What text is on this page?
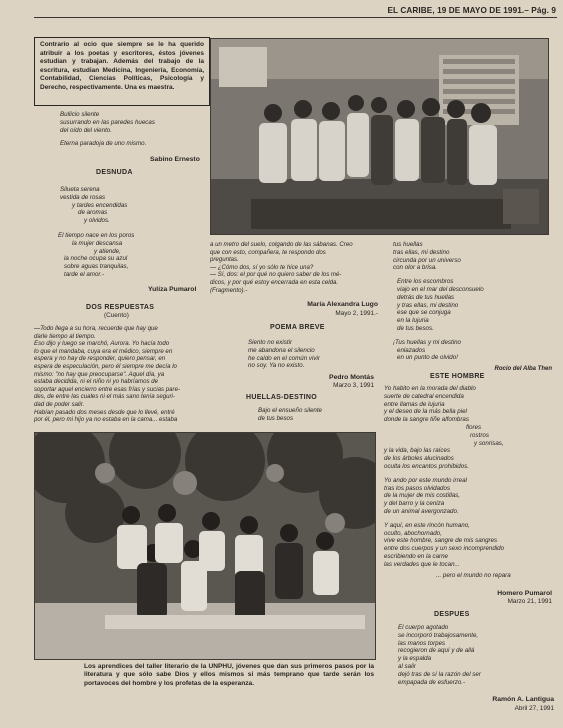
EL CARIBE, 19 DE MAYO DE 1991.– Pág. 9
Contrario al ocio que siempre se le ha querido atribuir a los poetas y escritores, éstos jóvenes estudian y trabajan. Además del trabajo de la escritura, estudian Medicina, Ingeniería, Economía, Contabilidad, Ciencias Políticas, Psicología y Derecho, respectivamente. Una es maestra.
Bullicio silente
susurrando en las paredes huecas
del oído del viento.
Eterna paradoja de uno mismo.
Sabino Ernesto
DESNUDA
Silueta serena
vestida de rosas
y tardes encendidas
de aromas
y olvidos.
El tiempo nace en los poros
la mujer descansa
y atiende,
la noche ocupa su azul
sobre aguas tranquilas,
tarde el amor.-
Yulíza Pumarol
DOS RESPUESTAS
(Cuento)
—Todo llega a su hora, recuerde que hay que
darle tiempo al tiempo.
Eso dijo y luego se marchó, Aurora. Yo hacía todo
lo que el mandaba, cuya era el médico, siempre en
espera y no hay de responder, quiero pensar, en
espera de especulación, pero él siempre me decía lo
mismo: "no hay que preocuparse". Aquel día, ya
estaba decidida, ni el niño ni yo habríamos de
soportar aquel encierro entre esas frías y sucias pare-
des, de entre las cuales ni el más sano tenía seguri-
dad de poder salir.
Habían pasado dos meses desde que lo llevé, entré
por él, pero mi hijo ya no estaba en la cama... estaba
a un metro del suelo, colgando de las sábanas. Creo
que con esto, compañera, te respondo dos
preguntas.
— ¿Cómo dos, sí yo sólo te hice una?
— Sí, dos: el por qué no quiero saber de los mé-
dicos, y por qué estoy encerrada en esta celda.
(Fragmento).-
María Alexandra Lugo
Mayo 2, 1991.-
POEMA BREVE
Siento no existir
me abandona el silencio
he caído en el común vivir
no soy. Ya no existo.
Pedro Montás
Marzo 3, 1991
HUELLAS-DESTINO
Bajo el ensueño silente
de tus besos
tus huellas
tras ellas, mi destino
circunda por un universo
con olor a brisa.
Entre los escombros
viajo en el mar del desconsuelo
detrás de tus huellas
y tras ellas, mi destino
ese que se conjuga
en la lujuria
de tus besos.
¡Tus huellas y mi destino
enlazados
en un punto de olvido!
Rocío del Alba Then
ESTE HOMBRE
Yo habito en la morada del diablo
suerte de catedral encendida
entre llamas de lujuria
y el deseo de la más bella piel
donde la sangre tiñe alfombras
flores
rostros
y sonrisas,
y la vida, bajo las raíces
de los árboles alucinados
oculta los encantos prohibidos.
Yo ando por este mundo irreal
tras los pasos olvidados
de la mujer de mis costillas,
y del barro y la ceniza
de un animal avergonzado.
Y aquí, en este rincón humano,
oculto, abochornado,
vive este hombre, sangre de mis sangres
entre dos cuerpos y un sexo incomprendido
escribiendo en la carne
las verdades que le tocan...
... pero el mundo no repara
Homero Pumarol
Marzo 21, 1991
DESPUES
El cuerpo agotado
se incorporó trabajosamente,
las manos torpes
recogieron de aquí y de allá
y la espalda
al salir
dejó tras de sí la razón del ser
empapada de esfuerzo.-
Ramón A. Lantigua
Abril 27, 1991
Los aprendices del taller literario de la UNPHU, jóvenes que dan sus primeros pasos por la literatura y que sólo sabe Dios y ellos mismos si más temprano que tarde serán los portavoces del hombre y los profetas de la esperanza.
